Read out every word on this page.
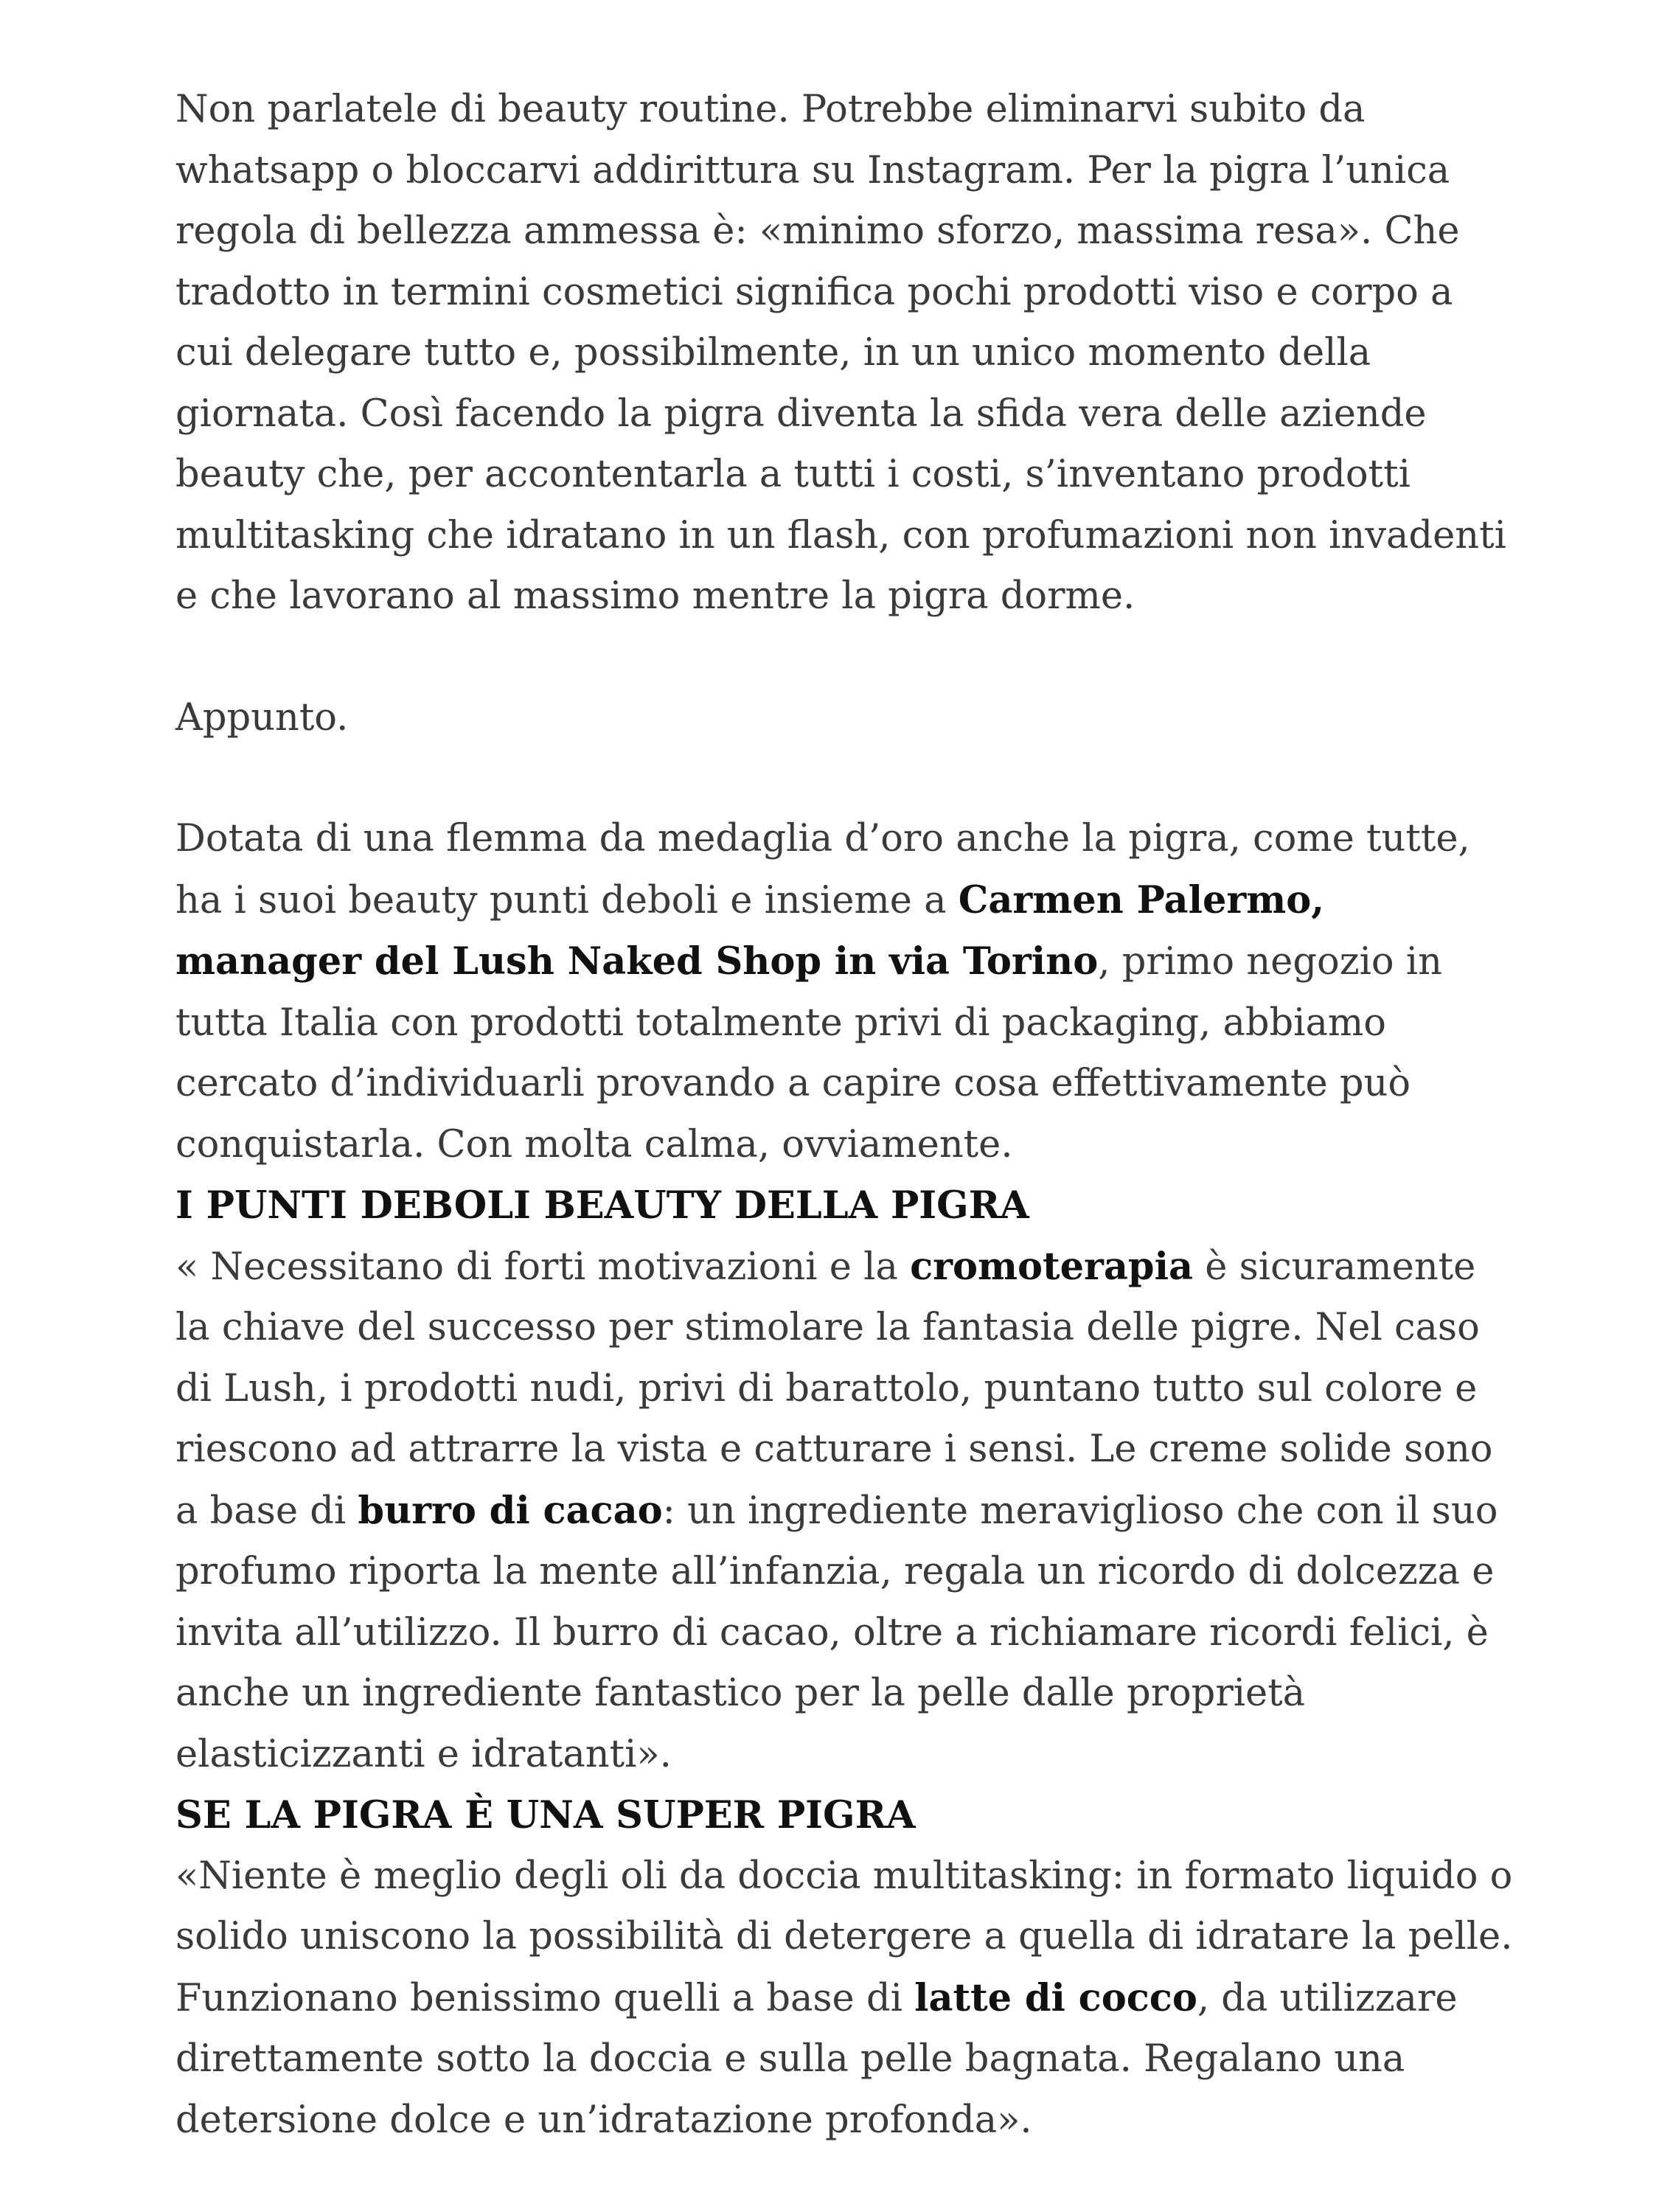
Non parlatele di beauty routine. Potrebbe eliminarvi subito da whatsapp o bloccarvi addirittura su Instagram. Per la pigra l’unica regola di bellezza ammessa è: «minimo sforzo, massima resa». Che tradotto in termini cosmetici significa pochi prodotti viso e corpo a cui delegare tutto e, possibilmente, in un unico momento della giornata. Così facendo la pigra diventa la sfida vera delle aziende beauty che, per accontentarla a tutti i costi, s’inventano prodotti multitasking che idratano in un flash, con profumazioni non invadenti e che lavorano al massimo mentre la pigra dorme.

Appunto.

Dotata di una flemma da medaglia d’oro anche la pigra, come tutte, ha i suoi beauty punti deboli e insieme a Carmen Palermo, manager del Lush Naked Shop in via Torino, primo negozio in tutta Italia con prodotti totalmente privi di packaging, abbiamo cercato d’individuarli provando a capire cosa effettivamente può conquistarla. Con molta calma, ovviamente.

I PUNTI DEBOLI BEAUTY DELLA PIGRA

« Necessitano di forti motivazioni e la cromoterapia è sicuramente la chiave del successo per stimolare la fantasia delle pigre. Nel caso di Lush, i prodotti nudi, privi di barattolo, puntano tutto sul colore e riescono ad attrarre la vista e catturare i sensi. Le creme solide sono a base di burro di cacao: un ingrediente meraviglioso che con il suo profumo riporta la mente all’infanzia, regala un ricordo di dolcezza e invita all’utilizzo. Il burro di cacao, oltre a richiamare ricordi felici, è anche un ingrediente fantastico per la pelle dalle proprietà elasticizzanti e idratanti».

SE LA PIGRA È UNA SUPER PIGRA

«Niente è meglio degli oli da doccia multitasking: in formato liquido o solido uniscono la possibilità di detergere a quella di idratare la pelle. Funzionano benissimo quelli a base di latte di cocco, da utilizzare direttamente sotto la doccia e sulla pelle bagnata. Regalano una detersione dolce e un’idratazione profonda».
